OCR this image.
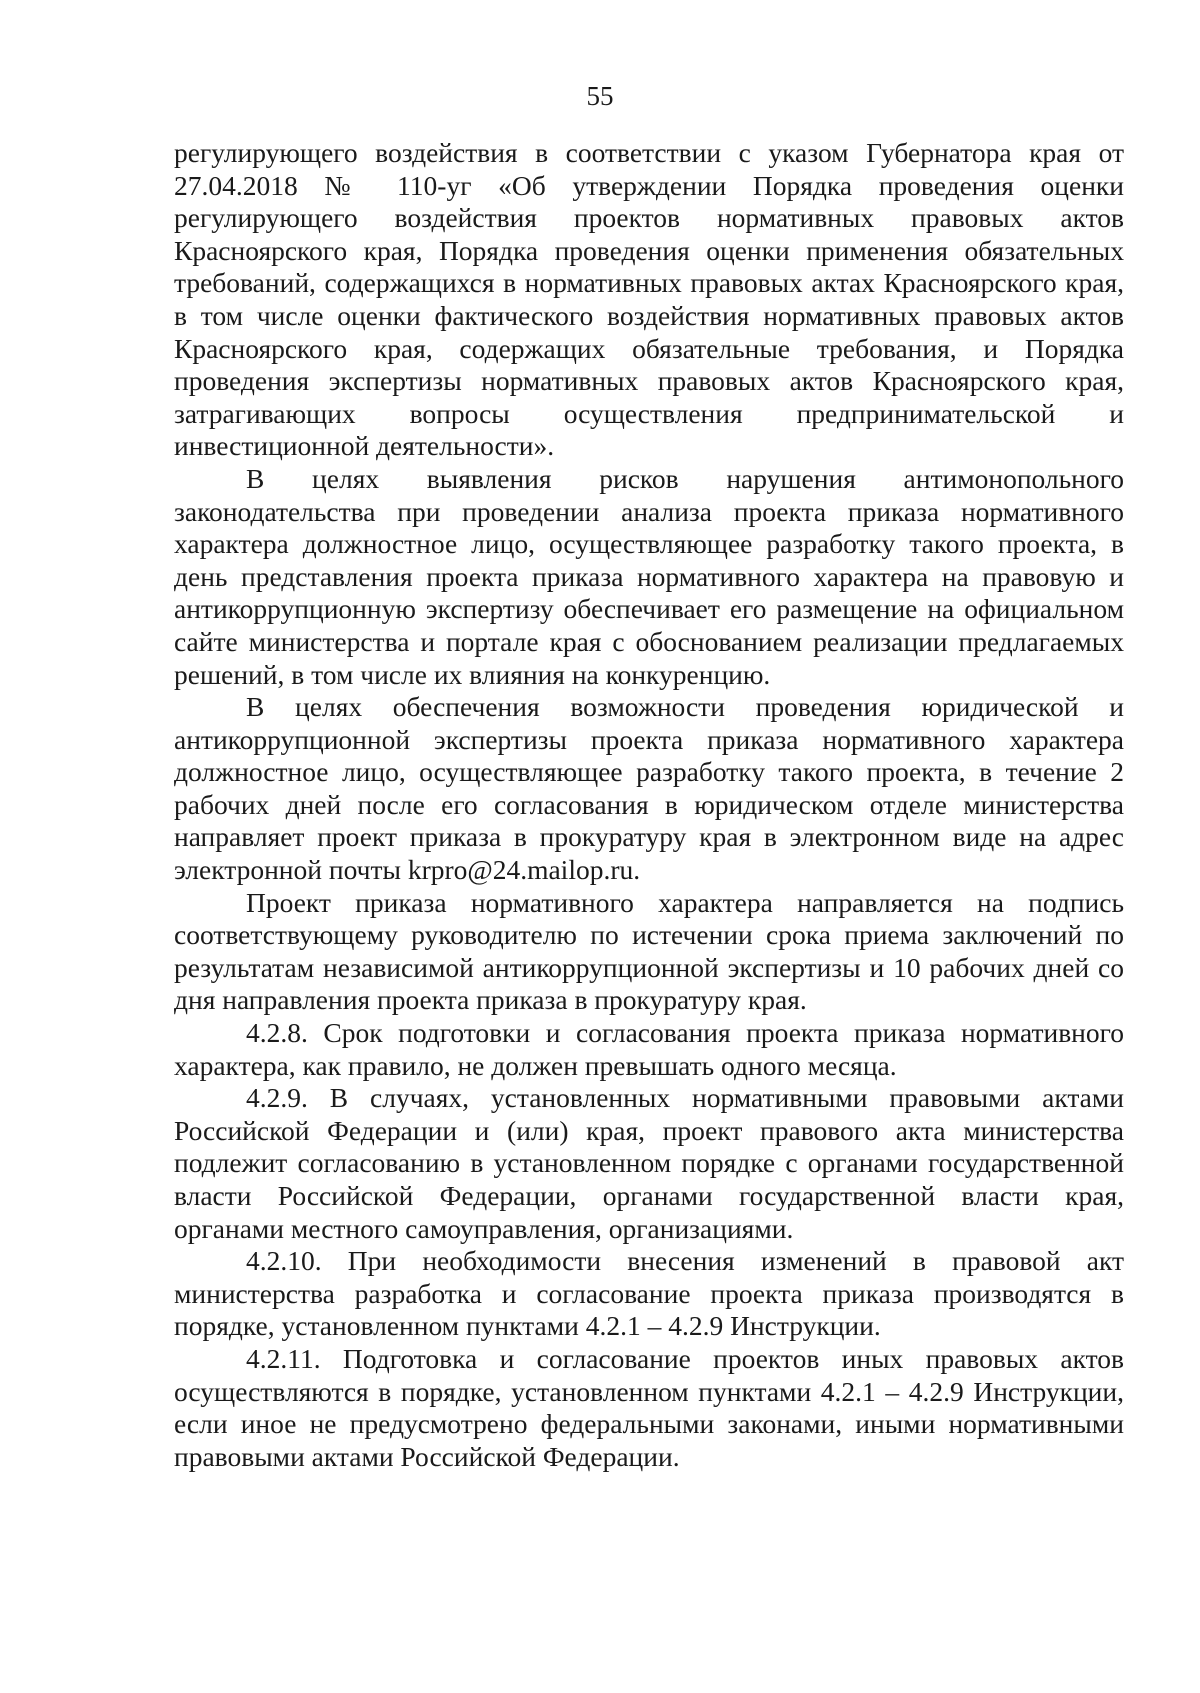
55

регулирующего воздействия в соответствии с указом Губернатора края от 27.04.2018 № 110-уг «Об утверждении Порядка проведения оценки регулирующего воздействия проектов нормативных правовых актов Красноярского края, Порядка проведения оценки применения обязательных требований, содержащихся в нормативных правовых актах Красноярского края, в том числе оценки фактического воздействия нормативных правовых актов Красноярского края, содержащих обязательные требования, и Порядка проведения экспертизы нормативных правовых актов Красноярского края, затрагивающих вопросы осуществления предпринимательской и инвестиционной деятельности».

В целях выявления рисков нарушения антимонопольного законодательства при проведении анализа проекта приказа нормативного характера должностное лицо, осуществляющее разработку такого проекта, в день представления проекта приказа нормативного характера на правовую и антикоррупционную экспертизу обеспечивает его размещение на официальном сайте министерства и портале края с обоснованием реализации предлагаемых решений, в том числе их влияния на конкуренцию.

В целях обеспечения возможности проведения юридической и антикоррупционной экспертизы проекта приказа нормативного характера должностное лицо, осуществляющее разработку такого проекта, в течение 2 рабочих дней после его согласования в юридическом отделе министерства направляет проект приказа в прокуратуру края в электронном виде на адрес электронной почты krpro@24.mailop.ru.

Проект приказа нормативного характера направляется на подпись соответствующему руководителю по истечении срока приема заключений по результатам независимой антикоррупционной экспертизы и 10 рабочих дней со дня направления проекта приказа в прокуратуру края.

4.2.8. Срок подготовки и согласования проекта приказа нормативного характера, как правило, не должен превышать одного месяца.

4.2.9. В случаях, установленных нормативными правовыми актами Российской Федерации и (или) края, проект правового акта министерства подлежит согласованию в установленном порядке с органами государственной власти Российской Федерации, органами государственной власти края, органами местного самоуправления, организациями.

4.2.10. При необходимости внесения изменений в правовой акт министерства разработка и согласование проекта приказа производятся в порядке, установленном пунктами 4.2.1 – 4.2.9 Инструкции.

4.2.11. Подготовка и согласование проектов иных правовых актов осуществляются в порядке, установленном пунктами 4.2.1 – 4.2.9 Инструкции, если иное не предусмотрено федеральными законами, иными нормативными правовыми актами Российской Федерации.
